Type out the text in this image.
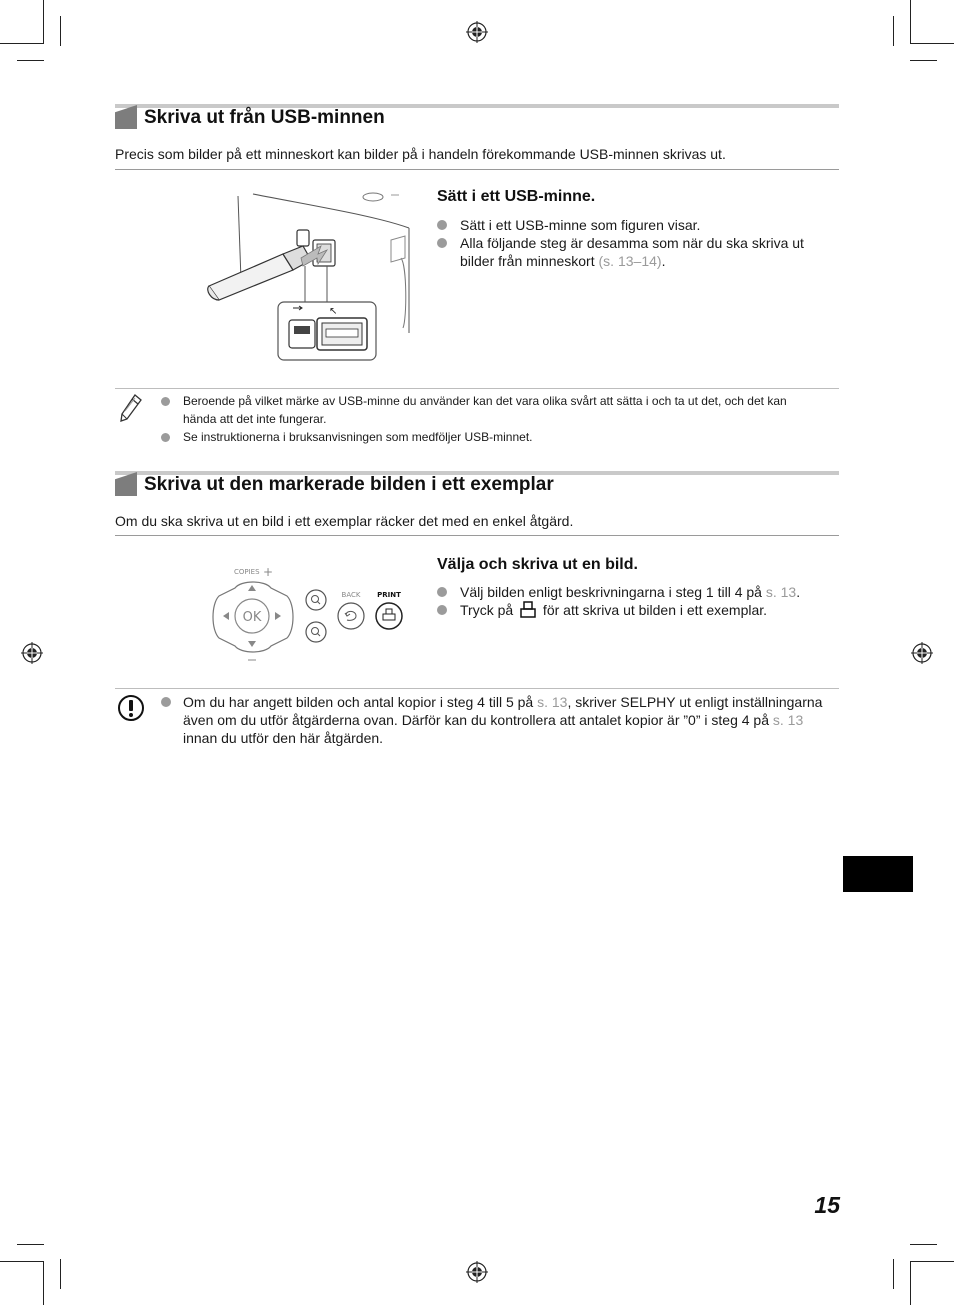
Skriva ut från USB-minnen
Precis som bilder på ett minneskort kan bilder på i handeln förekommande USB-minnen skrivas ut.
↖
Sätt i ett USB-minne.
Sätt i ett USB-minne som figuren visar.
Alla följande steg är desamma som när du ska skriva ut bilder från minneskort (s. 13–14).
Beroende på vilket märke av USB-minne du använder kan det vara olika svårt att sätta i och ta ut det, och det kan hända att det inte fungerar.
Se instruktionerna i bruksanvisningen som medföljer USB-minnet.
Skriva ut den markerade bilden i ett exemplar
Om du ska skriva ut en bild i ett exemplar räcker det med en enkel åtgärd.
COPIES +
OK
BACK PRINT
Välja och skriva ut en bild.
Välj bilden enligt beskrivningarna i steg 1 till 4 på s. 13.
Tryck på  för att skriva ut bilden i ett exemplar.
Om du har angett bilden och antal kopior i steg 4 till 5 på s. 13, skriver SELPHY ut enligt inställningarna även om du utför åtgärderna ovan. Därför kan du kontrollera att antalet kopior är ”0” i steg 4 på s. 13 innan du utför den här åtgärden.
15
